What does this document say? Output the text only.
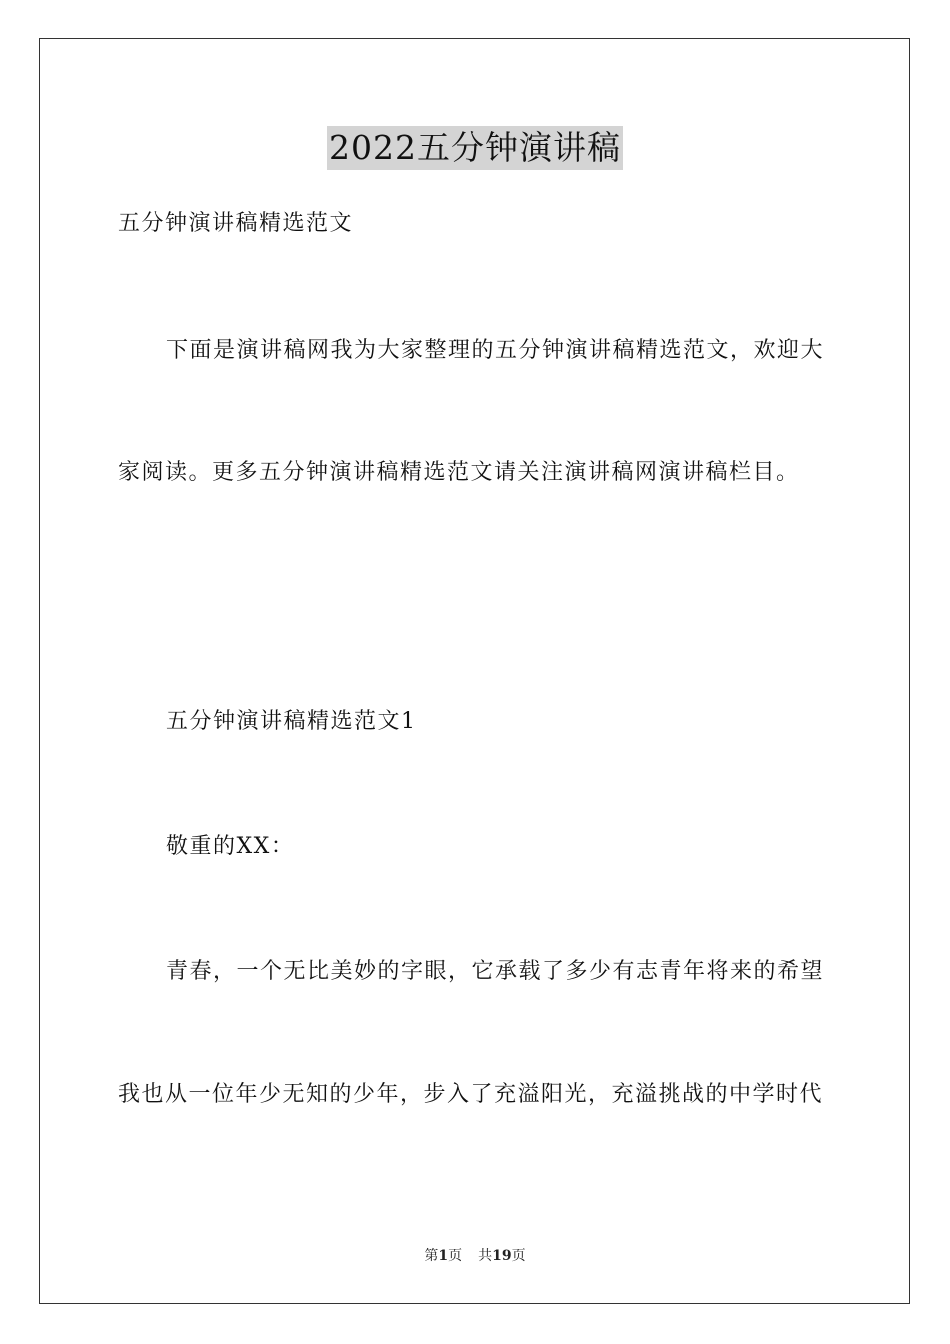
2022五分钟演讲稿

五分钟演讲稿精选范文

下面是演讲稿网我为大家整理的五分钟演讲稿精选范文，欢迎大

家阅读。更多五分钟演讲稿精选范文请关注演讲稿网演讲稿栏目。

五分钟演讲稿精选范文1

敬重的XX：

青春，一个无比美妙的字眼，它承载了多少有志青年将来的希望

我也从一位年少无知的少年，步入了充溢阳光，充溢挑战的中学时代

第1页 共19页
